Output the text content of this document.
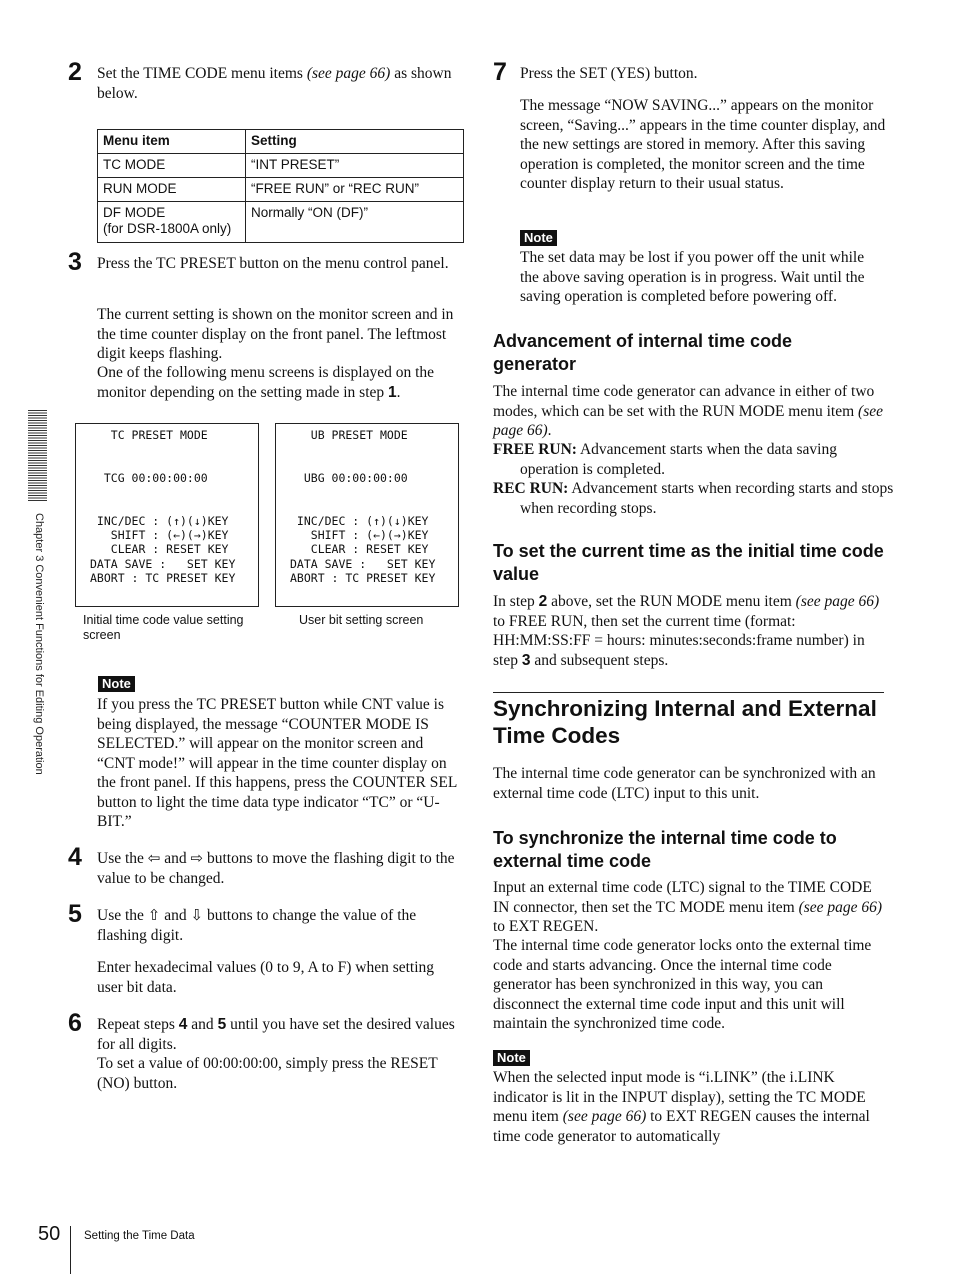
Chapter 3 Convenient Functions for Editing Operation
2 Set the TIME CODE menu items (see page 66) as shown below.

Menu item	Setting
TC MODE	“INT PRESET”
RUN MODE	“FREE RUN” or “REC RUN”
DF MODE
(for DSR-1800A only)	Normally “ON (DF)”
3 Press the TC PRESET button on the menu control panel.

The current setting is shown on the monitor screen and in the time counter display on the front panel. The leftmost digit keeps flashing.

One of the following menu screens is displayed on the monitor depending on the setting made in step 1.

TC PRESET MODE

TCG 00:00:00:00

INC/DEC : (↑)(↓)KEY
SHIFT : (←)(→)KEY
CLEAR : RESET KEY
DATA SAVE :   SET KEY
ABORT : TC PRESET KEY
UB PRESET MODE

UBG 00:00:00:00

INC/DEC : (↑)(↓)KEY
SHIFT : (←)(→)KEY
CLEAR : RESET KEY
DATA SAVE :   SET KEY
ABORT : TC PRESET KEY
Initial time code value setting screen
User bit setting screen
Note

If you press the TC PRESET button while CNT value is being displayed, the message “COUNTER MODE IS SELECTED.” will appear on the monitor screen and “CNT mode!” will appear in the time counter display on the front panel. If this happens, press the COUNTER SEL button to light the time data type indicator “TC” or “U-BIT.”

4 Use the ⇦ and ⇨ buttons to move the flashing digit to the value to be changed.

5 Use the ⇧ and ⇩ buttons to change the value of the flashing digit.

Enter hexadecimal values (0 to 9, A to F) when setting user bit data.

6 Repeat steps 4 and 5 until you have set the desired values for all digits.

To set a value of 00:00:00:00, simply press the RESET (NO) button.

7 Press the SET (YES) button.

The message “NOW SAVING...” appears on the monitor screen, “Saving...” appears in the time counter display, and the new settings are stored in memory. After this saving operation is completed, the monitor screen and the time counter display return to their usual status.

Note

The set data may be lost if you power off the unit while the above saving operation is in progress. Wait until the saving operation is completed before powering off.

Advancement of internal time code generator

The internal time code generator can advance in either of two modes, which can be set with the RUN MODE menu item (see page 66).

FREE RUN: Advancement starts when the data saving operation is completed.

REC RUN: Advancement starts when recording starts and stops when recording stops.

To set the current time as the initial time code value

In step 2 above, set the RUN MODE menu item (see page 66) to FREE RUN, then set the current time (format: HH:MM:SS:FF = hours: minutes:seconds:frame number) in step 3 and subsequent steps.

Synchronizing Internal and External Time Codes

The internal time code generator can be synchronized with an external time code (LTC) input to this unit.

To synchronize the internal time code to external time code

Input an external time code (LTC) signal to the TIME CODE IN connector, then set the TC MODE menu item (see page 66) to EXT REGEN.

The internal time code generator locks onto the external time code and starts advancing. Once the internal time code generator has been synchronized in this way, you can disconnect the external time code input and this unit will maintain the synchronized time code.

Note

When the selected input mode is “i.LINK” (the i.LINK indicator is lit in the INPUT display), setting the TC MODE menu item (see page 66) to EXT REGEN causes the internal time code generator to automatically

50 Setting the Time Data
